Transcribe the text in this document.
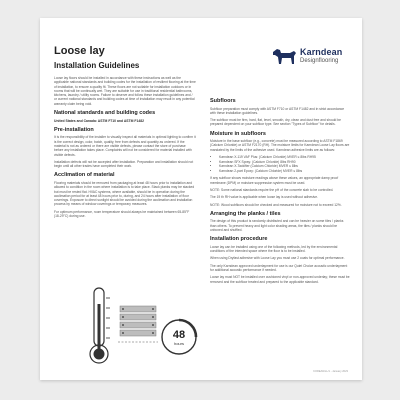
Loose lay
Installation Guidelines
Karndean
Designflooring

Loose lay floors should be installed in accordance with these instructions as well as the applicable national standards and building codes for the installation of resilient flooring at the time of installation, to ensure a quality fit. These floors are not suitable for installation outdoors or in rooms that will be continually wet. They are suitable for use in traditional residential bathrooms, kitchens, laundry / utility rooms. Failure to observe and follow these installation guidelines and / or current national standards and building codes at time of installation may result in any potential warranty claim being void.

National standards and building codes
United States and Canada: ASTM F710 and ASTM F1482
Pre-installation

It is the responsibility of the installer to visually inspect all materials in optimal lighting to confirm it is the correct design, color, batch, quality, free from defects and quantity as ordered. If the material is not as ordered or there are visible defects, please contact the store of purchase before any installation takes place. Complaints will not be considered for material installed with visible defects.

Installation defects will not be accepted after installation. Preparation and installation should not begin until all other trades have completed their work.

Acclimation of material

Flooring materials should be removed from packaging at least 48 hours prior to installation and allowed to condition in the room where installation is to take place. Stack planks may be stacked but must be rested flat. HVAC systems, where available, should be in operation during the acclimation period for at least 48 hours prior to, during, and 24 hours after installation of floor coverings. Exposure to direct sunlight should be avoided during the acclimation and installation process by means of window coverings or temporary measures.

For optimum performance, room temperature should always be maintained between 65-85°F (18-29°C) during use.

48
hours
Subfloors

Subfloor preparation must comply with ASTM F710 or ASTM F1482 and in strict accordance with these installation guidelines.

The subfloor must be firm, hard, flat, level, smooth, dry, clean and dust free and should be prepared dependent on your subfloor type. See section "Types of Subfloor" for details.

Moisture in subfloors

Moisture in the base subfloor (e.g., concrete) must be measured according to ASTM F1869 (Calcium Chloride) or ASTM F2170 (RH). The moisture limits for Karndean Loose Lay floors are mandated by the limits of the adhesive used. Karndean adhesive limits are as follows:

• Karndean X-119 VAF Plus: (Calcium Chloride) MVER ≤ 8lbs RH95
• Karndean SFX Spray: (Calcium Chloride) 8lbs RH90
• Karndean X-Tackifier (Calcium Chloride) MVER ≤ 8lbs
• Karndean 2-part Epoxy: (Calcium Chloride) MVER ≤ 8lbs

If any subfloor shows moisture readings above these values, an appropriate damp proof membrane (DPM) or moisture suppression system must be used.

NOTE: Some national standards require the pH of the concrete slab to be controlled.

The 19 th RH value is applicable when loose lay is used without adhesive.

NOTE: Wood subfloors should be checked and measured for moisture not to exceed 12%.

Arranging the planks / tiles

The design of this product is randomly distributed and can be heavier on some tiles / planks than others. To prevent heavy and light color shading areas, the tiles / planks should be unboxed and shuffled.

Installation procedure

Loose lay can be installed using one of the following methods, led by the environmental conditions of the intended space where the floor is to be installed.

When using Dryfast adhesive with Loose Lay you must use 2 coats for optimal performance.

The only Karndean approved underlayment for use is our Quiet Choice acoustic underlayment for additional acoustic performance if needed.

Loose lay must NOT be installed over cushioned vinyl or non-approved underlay; these must be removed and the subfloor treated and prepared to the applicable standard.

KOREAN/LL/1 - January 2023
